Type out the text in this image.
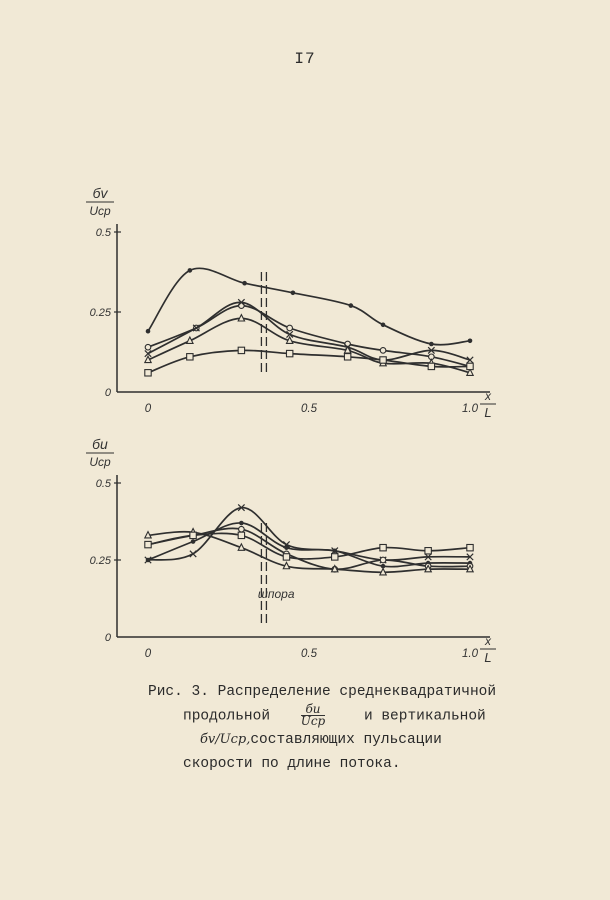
I7
0
0.25
0.5
0	0.5	1.0
бv
Uср
x
L
0
0.25
0.5
0	0.5	1.0
бu
Uср
x
L
шпора
Рис. 3. Распределение среднеквадратичной
продольной	$\frac{бu}{\text{Uср}}$	и вертикальной
бv/Uср,составляющих пульсации
скорости по длине потока.
